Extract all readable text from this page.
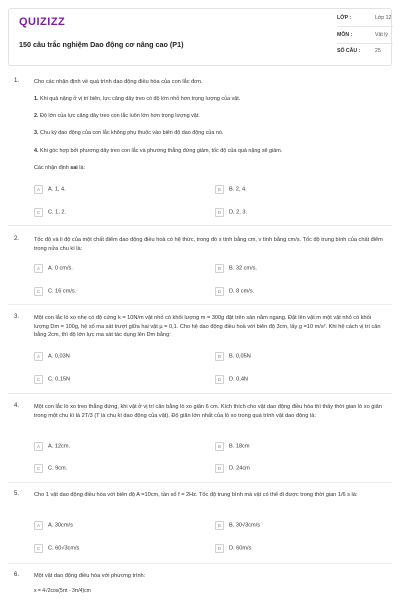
QUIZIZZ
150 câu trắc nghiệm Dao động cơ nâng cao (P1)
LỚP :	Lớp 12
MÔN :	Vật lý
SỐ CÂU :	25
1.	Cho các nhận định về quá trình dao động điều hòa của con lắc đơn.
1. Khi quả nặng ở vị trí biên, lực căng dây treo có độ lớn nhỏ hơn trọng lượng của vật.
2. Độ lớn của lực căng dây treo con lắc luôn lớn hơn trọng lượng vật.
3. Chu kỳ dao động của con lắc không phụ thuộc vào biên độ dao động của nó.
4. Khi góc hợp bởi phương dây treo con lắc và phương thẳng đứng giảm, tốc độ của quả nặng sẽ giảm.
Các nhận định sai là:
A A. 1, 4.	B B. 2, 4.
C C. 1, 2.	D D. 2, 3.
2.	Tốc độ và li độ của một chất điểm dao động điều hoà có hệ thức, trong đó x tính bằng cm, v tính bằng cm/s. Tốc độ trung bình của chất điểm trong nửa chu kì là:
A A. 0 cm/s.	B B. 32 cm/s.
C C. 16 cm/s.	D D. 8 cm/s.
3.	Một con lắc lò xo nhẹ có độ cứng k = 10N/m vật nhỏ có khối lượng m = 300g đặt trên sàn nằm ngang. Đặt lên vật m một vật nhỏ có khối lượng Dm = 100g, hệ số ma sát trượt giữa hai vật µ = 0,1. Cho hệ dao động điều hoà với biên độ 3cm, lấy g =10 m/s². Khi hệ cách vị trí cân bằng 2cm, thì độ lớn lực ma sát tác dụng lên Dm bằng:
A A. 0,03N	B B. 0,05N
C C. 0,15N	D D. 0,4N
4.	Một con lắc lò xo treo thẳng đứng, khi vật ở vị trí cân bằng lò xo giãn 6 cm. Kích thích cho vật dao động điều hòa thì thấy thời gian lò xo giãn trong một chu kì là 2T/3 (T là chu kì dao động của vật). Độ giãn lớn nhất của lò xo trong quá trình vật dao động là:
A A. 12cm.	B B. 18cm
C C. 9cm.	D D. 24cm
5.	Cho 1 vật dao động điều hòa với biên độ A =10cm, tần số f = 2Hz. Tốc độ trung bình mà vật có thể đi được trong thời gian 1/6 s là:
A A. 30cm/s	B B. 30√3cm/s
C C. 60√3cm/s	D D. 60m/s
6.	Một vật dao động điều hòa với phương trình:
x = 4√2cos(5πt - 3π/4)cm
